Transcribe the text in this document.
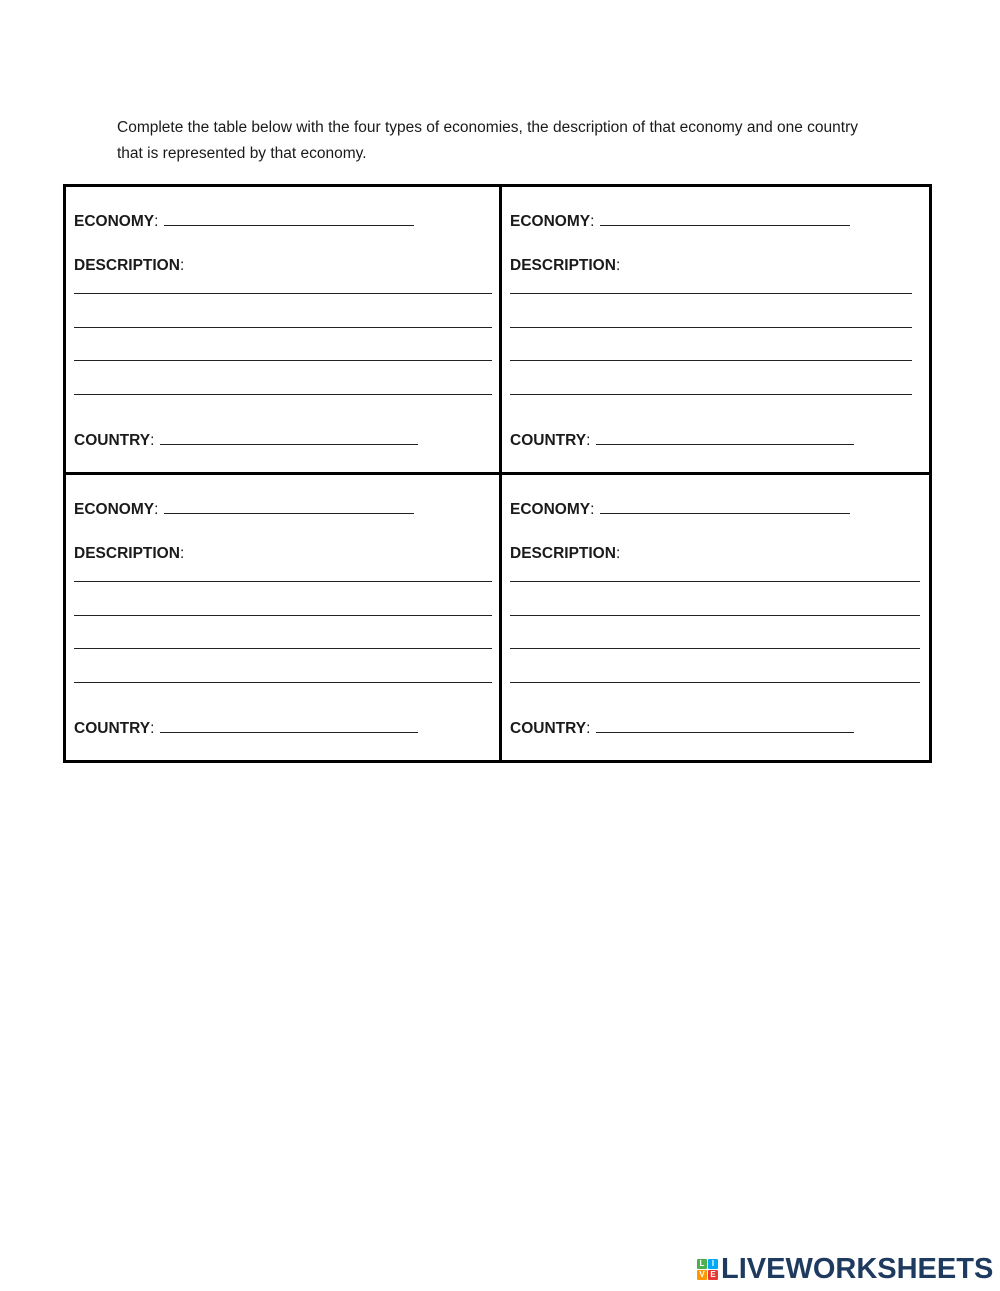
Complete the table below with the four types of economies, the description of that economy and one country that is represented by that economy.

ECONOMY:
DESCRIPTION:
COUNTRY:
ECONOMY:
DESCRIPTION:
COUNTRY:
ECONOMY:
DESCRIPTION:
COUNTRY:
ECONOMY:
DESCRIPTION:
COUNTRY:
L I
V E LIVEWORKSHEETS
